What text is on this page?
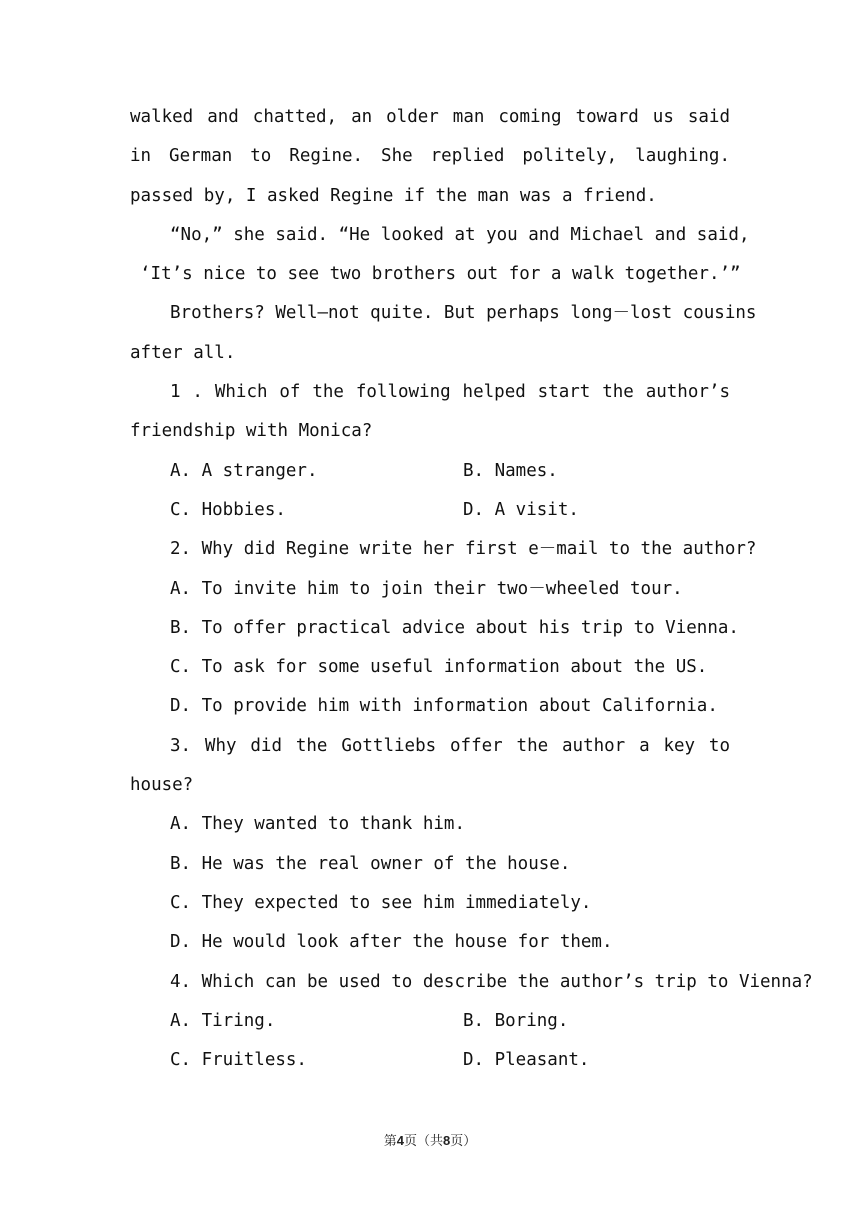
walked and chatted, an older man coming toward us said
in German to Regine. She replied politely, laughing.
passed by, I asked Regine if the man was a friend.
“No,” she said. “He looked at you and Michael and said,
‘It’s nice to see two brothers out for a walk together.’”
Brothers? Well—not quite. But perhaps long－lost cousins
after all.
1 . Which of the following helped start the author’s
friendship with Monica?
A. A stranger.	B. Names.
C. Hobbies.	D. A visit.
2. Why did Regine write her first e－mail to the author?
A. To invite him to join their two－wheeled tour.
B. To offer practical advice about his trip to Vienna.
C. To ask for some useful information about the US.
D. To provide him with information about California.
3. Why did the Gottliebs offer the author a key to
house?
A. They wanted to thank him.
B. He was the real owner of the house.
C. They expected to see him immediately.
D. He would look after the house for them.
4. Which can be used to describe the author’s trip to Vienna?
A. Tiring.	B. Boring.
C. Fruitless.	D. Pleasant.
第4页（共8页）
